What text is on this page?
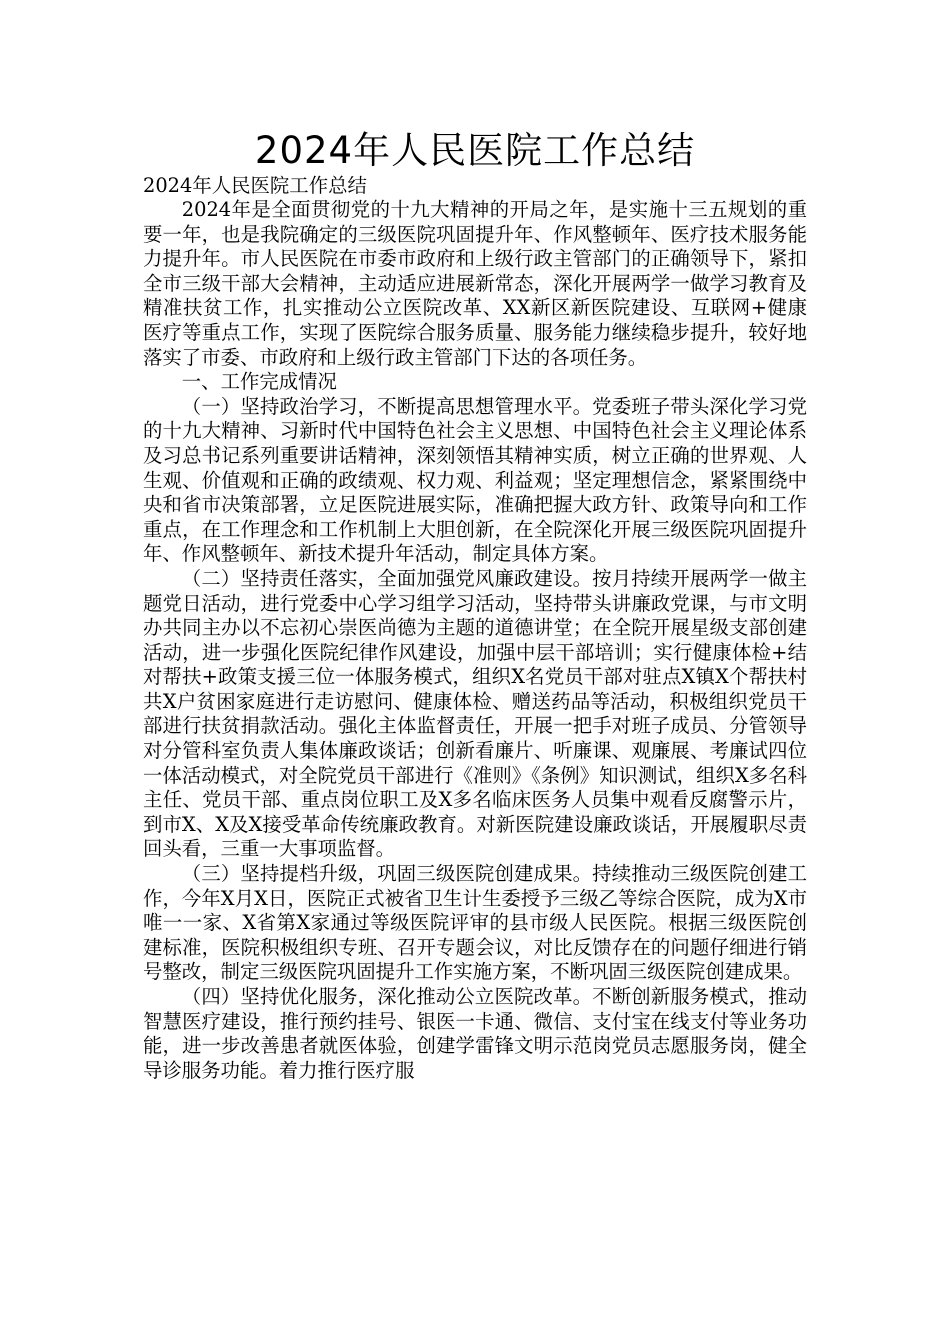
2024年人民医院工作总结

2024年人民医院工作总结

2024年是全面贯彻党的十九大精神的开局之年，是实施十三五规划的重要一年，也是我院确定的三级医院巩固提升年、作风整顿年、医疗技术服务能力提升年。市人民医院在市委市政府和上级行政主管部门的正确领导下，紧扣全市三级干部大会精神，主动适应进展新常态，深化开展两学一做学习教育及精准扶贫工作，扎实推动公立医院改革、XX新区新医院建设、互联网+健康医疗等重点工作，实现了医院综合服务质量、服务能力继续稳步提升，较好地落实了市委、市政府和上级行政主管部门下达的各项任务。

一、工作完成情况

（一）坚持政治学习，不断提高思想管理水平。党委班子带头深化学习党的十九大精神、习新时代中国特色社会主义思想、中国特色社会主义理论体系及习总书记系列重要讲话精神，深刻领悟其精神实质，树立正确的世界观、人生观、价值观和正确的政绩观、权力观、利益观；坚定理想信念，紧紧围绕中央和省市决策部署，立足医院进展实际，准确把握大政方针、政策导向和工作重点，在工作理念和工作机制上大胆创新，在全院深化开展三级医院巩固提升年、作风整顿年、新技术提升年活动，制定具体方案。

（二）坚持责任落实，全面加强党风廉政建设。按月持续开展两学一做主题党日活动，进行党委中心学习组学习活动，坚持带头讲廉政党课，与市文明办共同主办以不忘初心崇医尚德为主题的道德讲堂；在全院开展星级支部创建活动，进一步强化医院纪律作风建设，加强中层干部培训；实行健康体检+结对帮扶+政策支援三位一体服务模式，组织X名党员干部对驻点X镇X个帮扶村共X户贫困家庭进行走访慰问、健康体检、赠送药品等活动，积极组织党员干部进行扶贫捐款活动。强化主体监督责任，开展一把手对班子成员、分管领导对分管科室负责人集体廉政谈话；创新看廉片、听廉课、观廉展、考廉试四位一体活动模式，对全院党员干部进行《准则》《条例》知识测试，组织X多名科主任、党员干部、重点岗位职工及X多名临床医务人员集中观看反腐警示片，到市X、X及X接受革命传统廉政教育。对新医院建设廉政谈话，开展履职尽责回头看，三重一大事项监督。

（三）坚持提档升级，巩固三级医院创建成果。持续推动三级医院创建工作，今年X月X日，医院正式被省卫生计生委授予三级乙等综合医院，成为X市唯一一家、X省第X家通过等级医院评审的县市级人民医院。根据三级医院创建标准，医院积极组织专班、召开专题会议，对比反馈存在的问题仔细进行销号整改，制定三级医院巩固提升工作实施方案，不断巩固三级医院创建成果。

（四）坚持优化服务，深化推动公立医院改革。不断创新服务模式，推动智慧医疗建设，推行预约挂号、银医一卡通、微信、支付宝在线支付等业务功能，进一步改善患者就医体验，创建学雷锋文明示范岗党员志愿服务岗，健全导诊服务功能。着力推行医疗服
